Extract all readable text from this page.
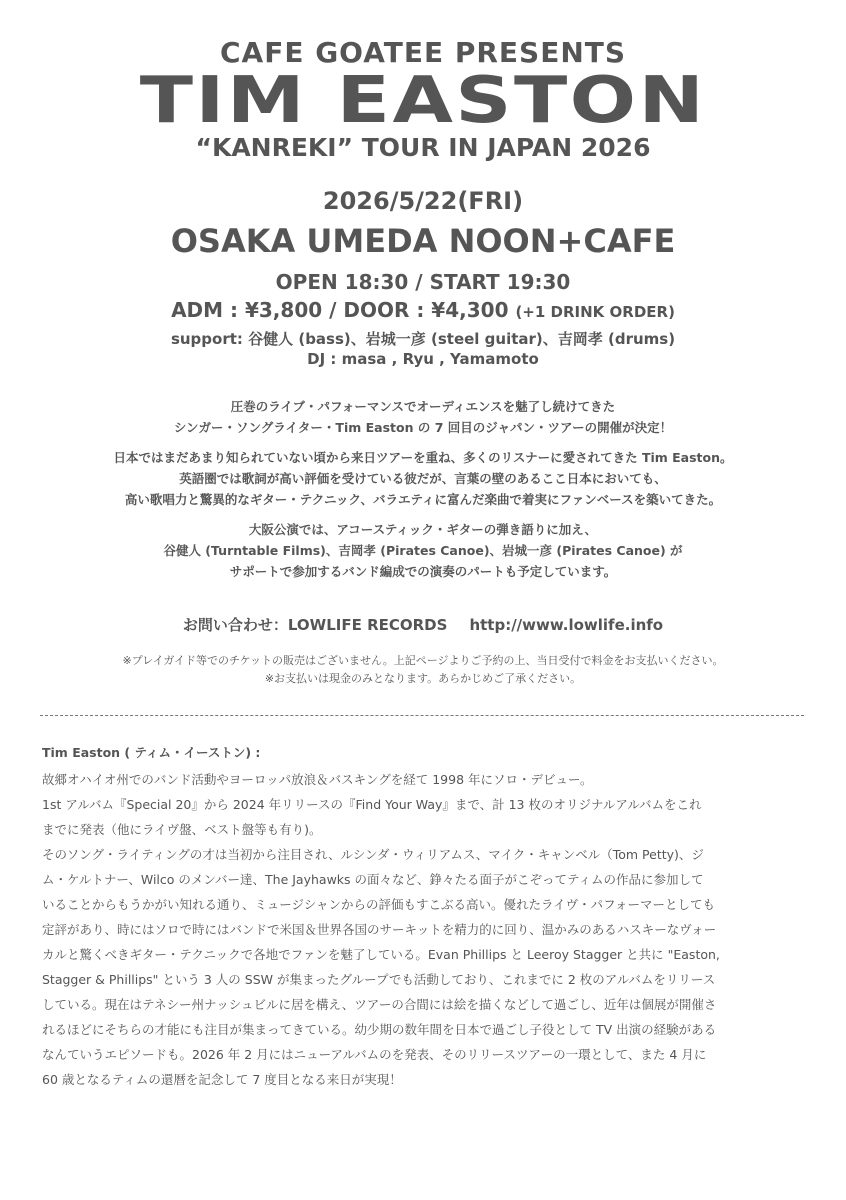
CAFE GOATEE PRESENTS
TIM EASTON
“KANREKI” TOUR IN JAPAN 2026
2026/5/22(FRI)
OSAKA UMEDA NOON+CAFE
OPEN 18:30 / START 19:30
ADM : ¥3,800 / DOOR : ¥4,300 (+1 DRINK ORDER)
support: 谷健人 (bass)、岩城一彦 (steel guitar)、吉岡孝 (drums)
DJ : masa , Ryu , Yamamoto

圧巻のライブ・パフォーマンスでオーディエンスを魅了し続けてきた
シンガー・ソングライター・Tim Easton の 7 回目のジャパン・ツアーの開催が決定！

日本ではまだあまり知られていない頃から来日ツアーを重ね、多くのリスナーに愛されてきた Tim Easton。
英語圏では歌詞が高い評価を受けている彼だが、言葉の壁のあるここ日本においても、
高い歌唱力と驚異的なギター・テクニック、バラエティに富んだ楽曲で着実にファンベースを築いてきた。

大阪公演では、アコースティック・ギターの弾き語りに加え、
谷健人 (Turntable Films)、吉岡孝 (Pirates Canoe)、岩城一彦 (Pirates Canoe) が
サポートで参加するバンド編成での演奏のパートも予定しています。

お問い合わせ：LOWLIFE RECORDS http://www.lowlife.info
※プレイガイド等でのチケットの販売はございません。上記ページよりご予約の上、当日受付で料金をお支払いください。
※お支払いは現金のみとなります。あらかじめご了承ください。
Tim Easton ( ティム・イーストン) :
故郷オハイオ州でのバンド活動やヨーロッパ放浪＆バスキングを経て 1998 年にソロ・デビュー。
1st アルバム『Special 20』から 2024 年リリースの『Find Your Way』まで、計 13 枚のオリジナルアルバムをこれ
までに発表（他にライヴ盤、ベスト盤等も有り)。
そのソング・ライティングの才は当初から注目され、ルシンダ・ウィリアムス、マイク・キャンベル（Tom Petty)、ジ
ム・ケルトナー、Wilco のメンバー達、The Jayhawks の面々など、錚々たる面子がこぞってティムの作品に参加して
いることからもうかがい知れる通り、ミュージシャンからの評価もすこぶる高い。優れたライヴ・パフォーマーとしても
定評があり、時にはソロで時にはバンドで米国＆世界各国のサーキットを精力的に回り、温かみのあるハスキーなヴォー
カルと驚くべきギター・テクニックで各地でファンを魅了している。Evan Phillips と Leeroy Stagger と共に "Easton,
Stagger & Phillips" という 3 人の SSW が集まったグループでも活動しており、これまでに 2 枚のアルバムをリリース
している。現在はテネシー州ナッシュビルに居を構え、ツアーの合間には絵を描くなどして過ごし、近年は個展が開催さ
れるほどにそちらの才能にも注目が集まってきている。幼少期の数年間を日本で過ごし子役として TV 出演の経験がある
なんていうエピソードも。2026 年 2 月にはニューアルバムのを発表、そのリリースツアーの一環として、また 4 月に
60 歳となるティムの還暦を記念して 7 度目となる来日が実現！
